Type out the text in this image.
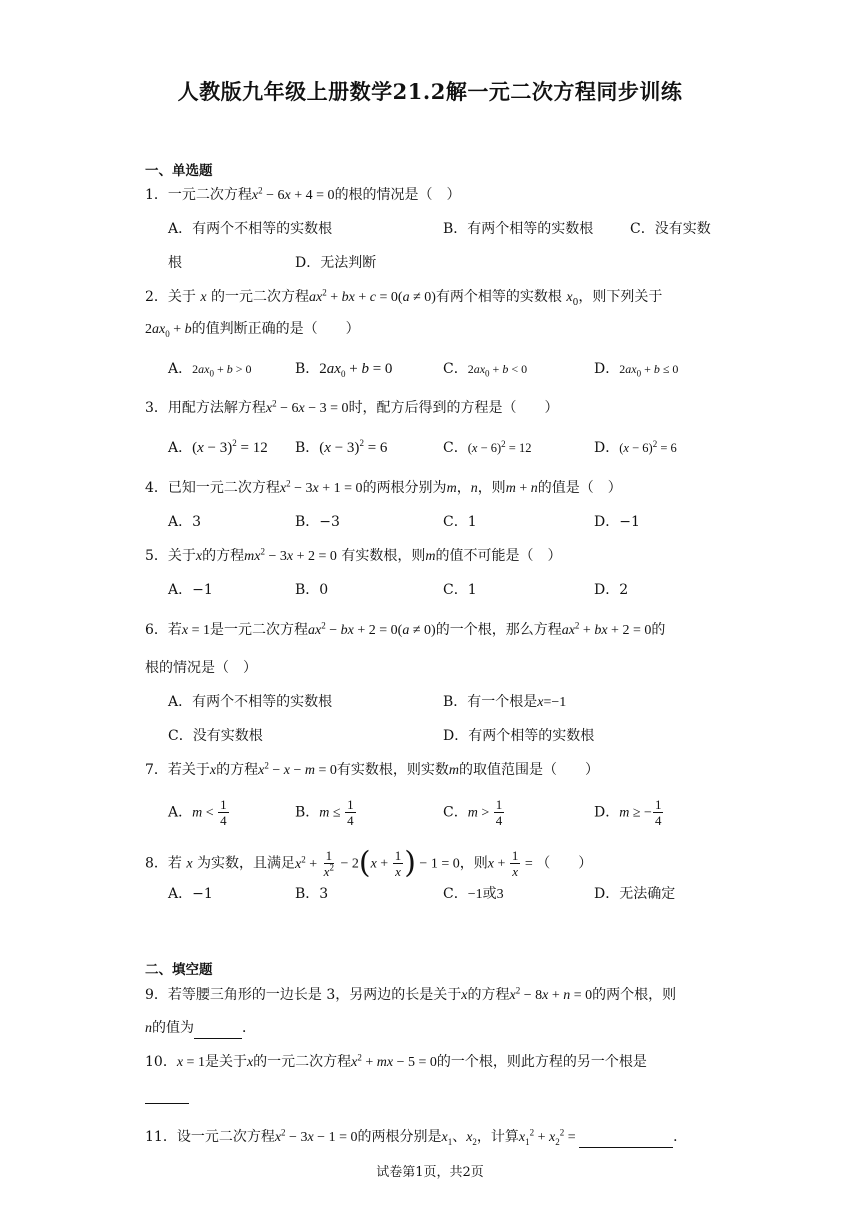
人教版九年级上册数学21.2解一元二次方程同步训练
一、单选题
1．一元二次方程$x^2 - 6x + 4 = 0$的根的情况是（　）
A．有两个不相等的实数根	B．有两个相等的实数根	C．没有实数
根	D．无法判断
2．关于 x 的一元二次方程$ax^2$ + bx + c = 0(a ≠ 0)有两个相等的实数根 $x_0$，则下列关于
$2ax_0 + b$的值判断正确的是（　　）
A．$2ax_0 + b > 0$	B．$2ax_0 + b = 0$	C．$2ax_0 + b < 0$	D．$2ax_0 + b \le 0$
3．用配方法解方程$x^2 - 6x - 3 = 0$时，配方后得到的方程是（　　）
A．$(x - 3)^2 = 12$ B．$(x - 3)^2 = 6$	C．$(x - 6)^2 = 12$	D．$(x - 6)^2 = 6$
4．已知一元二次方程$x^2 - 3x + 1 = 0$的两根分别为m，n，则m + n的值是（　）
A．3	B．−3	C．1	D．−1
5．关于x的方程$mx^2 - 3x + 2 = 0$ 有实数根，则m的值不可能是（　）
A．−1	B．0	C．1	D．2
6．若x = 1是一元二次方程$ax^2$ − bx + 2 = 0(a ≠ 0)的一个根，那么方程$ax^2$ + bx + 2 = 0的
根的情况是（　）
A．有两个不相等的实数根	B．有一个根是x=−1
C．没有实数根	D．有两个相等的实数根
7．若关于x的方程$x^2 - x - m = 0$有实数根，则实数m的取值范围是（　　）
A．$m < \frac{1}{4}$	B．$m \le \frac{1}{4}$	C．$m > \frac{1}{4}$	D．m ≥ − $\frac{1}{4}$
8．若 x 为实数，且满足$x^2 + \frac{1}{x^2} - 2(x + \frac{1}{x}$ ) − 1 = 0，则$x + \frac{1}{x}$ = （　　）
A．−1	B．3	C．−1或3	D．无法确定
二、填空题
9．若等腰三角形的一边长是 3，另两边的长是关于x的方程$x^2 - 8x + n = 0$的两个根，则
n的值为	．
10．x = 1是关于x的一元二次方程$x^2$ + mx − 5 = 0的一个根，则此方程的另一个根是

11．设一元二次方程$x^2 - 3x - 1 = 0$的两根分别是$x_1$、$x_2$，计算$x_1^2 + x_2^2$ =	．
试卷第1页，共2页
